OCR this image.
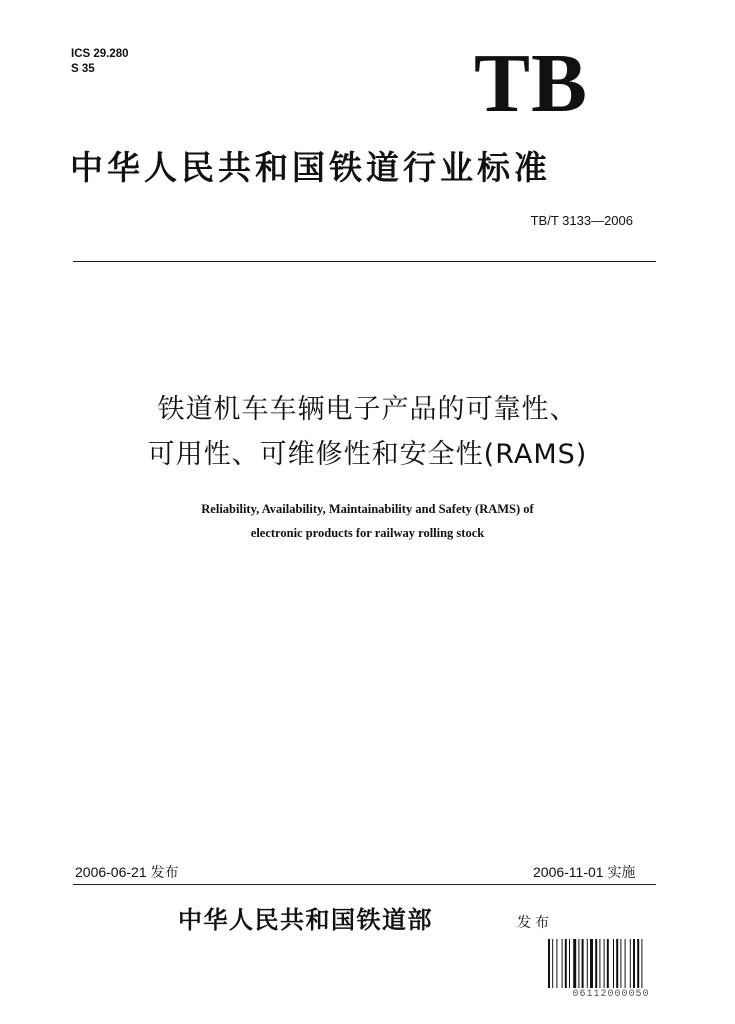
ICS 29.280
S 35	TB
中华人民共和国铁道行业标准
TB/T 3133—2006
铁道机车车辆电子产品的可靠性、
可用性、可维修性和安全性(RAMS)
Reliability, Availability, Maintainability and Safety (RAMS) of
electronic products for railway rolling stock
2006-06-21 发布	2006-11-01 实施
中华人民共和国铁道部	发布
06112000050
